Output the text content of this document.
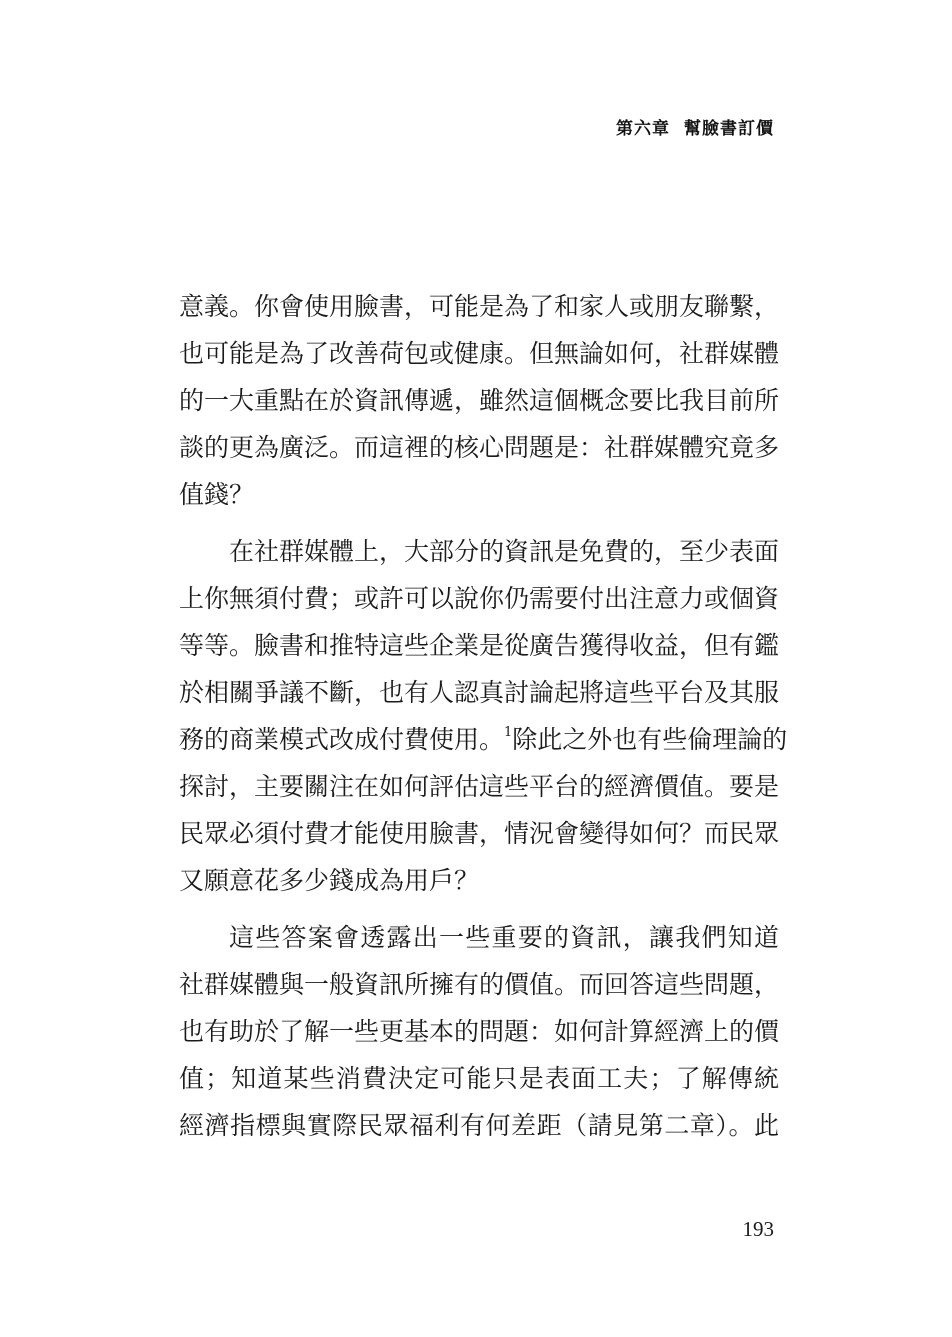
第六章 幫臉書訂價
意義。你會使用臉書，可能是為了和家人或朋友聯繫，
也可能是為了改善荷包或健康。但無論如何，社群媒體
的一大重點在於資訊傳遞，雖然這個概念要比我目前所
談的更為廣泛。而這裡的核心問題是：社群媒體究竟多
值錢？
在社群媒體上，大部分的資訊是免費的，至少表面
上你無須付費；或許可以說你仍需要付出注意力或個資
等等。臉書和推特這些企業是從廣告獲得收益，但有鑑
於相關爭議不斷，也有人認真討論起將這些平台及其服
務的商業模式改成付費使用。$^1$除此之外也有些倫理論的
探討，主要關注在如何評估這些平台的經濟價值。要是
民眾必須付費才能使用臉書，情況會變得如何？而民眾
又願意花多少錢成為用戶？
這些答案會透露出一些重要的資訊，讓我們知道
社群媒體與一般資訊所擁有的價值。而回答這些問題，
也有助於了解一些更基本的問題：如何計算經濟上的價
值；知道某些消費決定可能只是表面工夫；了解傳統
經濟指標與實際民眾福利有何差距（請見第二章）。此
193
